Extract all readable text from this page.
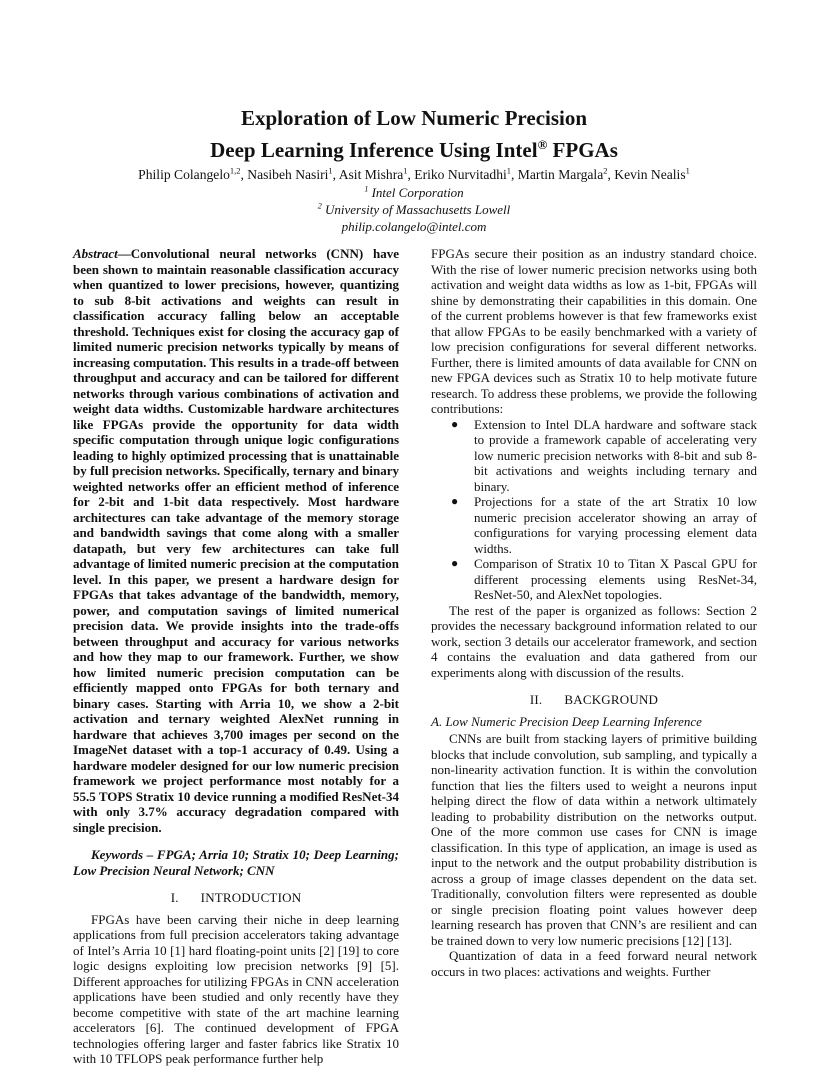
Exploration of Low Numeric Precision
Deep Learning Inference Using Intel® FPGAs
Philip Colangelo$^{1,2}$, Nasibeh Nasiri$^1$, Asit Mishra$^1$, Eriko Nurvitadhi$^1$, Martin Margala$^2$, Kevin Nealis$^1$
$^1$ Intel Corporation
$^2$ University of Massachusetts Lowell
philip.colangelo@intel.com

Abstract—Convolutional neural networks (CNN) have been shown to maintain reasonable classification accuracy when quantized to lower precisions, however, quantizing to sub 8-bit activations and weights can result in classification accuracy falling below an acceptable threshold. Techniques exist for closing the accuracy gap of limited numeric precision networks typically by means of increasing computation. This results in a trade-off between throughput and accuracy and can be tailored for different networks through various combinations of activation and weight data widths. Customizable hardware architectures like FPGAs provide the opportunity for data width specific computation through unique logic configurations leading to highly optimized processing that is unattainable by full precision networks. Specifically, ternary and binary weighted networks offer an efficient method of inference for 2-bit and 1-bit data respectively. Most hardware architectures can take advantage of the memory storage and bandwidth savings that come along with a smaller datapath, but very few architectures can take full advantage of limited numeric precision at the computation level. In this paper, we present a hardware design for FPGAs that takes advantage of the bandwidth, memory, power, and computation savings of limited numerical precision data. We provide insights into the trade-offs between throughput and accuracy for various networks and how they map to our framework. Further, we show how limited numeric precision computation can be efficiently mapped onto FPGAs for both ternary and binary cases. Starting with Arria 10, we show a 2-bit activation and ternary weighted AlexNet running in hardware that achieves 3,700 images per second on the ImageNet dataset with a top-1 accuracy of 0.49. Using a hardware modeler designed for our low numeric precision framework we project performance most notably for a 55.5 TOPS Stratix 10 device running a modified ResNet-34 with only 3.7% accuracy degradation compared with single precision.

Keywords – FPGA; Arria 10; Stratix 10; Deep Learning; Low Precision Neural Network; CNN

I. INTRODUCTION

FPGAs have been carving their niche in deep learning applications from full precision accelerators taking advantage of Intel’s Arria 10 [1] hard floating-point units [2] [19] to core logic designs exploiting low precision networks [9] [5]. Different approaches for utilizing FPGAs in CNN acceleration applications have been studied and only recently have they become competitive with state of the art machine learning accelerators [6]. The continued development of FPGA technologies offering larger and faster fabrics like Stratix 10 with 10 TFLOPS peak performance further help

FPGAs secure their position as an industry standard choice. With the rise of lower numeric precision networks using both activation and weight data widths as low as 1-bit, FPGAs will shine by demonstrating their capabilities in this domain. One of the current problems however is that few frameworks exist that allow FPGAs to be easily benchmarked with a variety of low precision configurations for several different networks. Further, there is limited amounts of data available for CNN on new FPGA devices such as Stratix 10 to help motivate future research. To address these problems, we provide the following contributions:

● Extension to Intel DLA hardware and software stack to provide a framework capable of accelerating very low numeric precision networks with 8-bit and sub 8-bit activations and weights including ternary and binary.
● Projections for a state of the art Stratix 10 low numeric precision accelerator showing an array of configurations for varying processing element data widths.
● Comparison of Stratix 10 to Titan X Pascal GPU for different processing elements using ResNet-34, ResNet-50, and AlexNet topologies.

The rest of the paper is organized as follows: Section 2 provides the necessary background information related to our work, section 3 details our accelerator framework, and section 4 contains the evaluation and data gathered from our experiments along with discussion of the results.

II. BACKGROUND

A. Low Numeric Precision Deep Learning Inference

CNNs are built from stacking layers of primitive building blocks that include convolution, sub sampling, and typically a non-linearity activation function. It is within the convolution function that lies the filters used to weight a neurons input helping direct the flow of data within a network ultimately leading to probability distribution on the networks output. One of the more common use cases for CNN is image classification. In this type of application, an image is used as input to the network and the output probability distribution is across a group of image classes dependent on the data set. Traditionally, convolution filters were represented as double or single precision floating point values however deep learning research has proven that CNN’s are resilient and can be trained down to very low numeric precisions [12] [13].

Quantization of data in a feed forward neural network occurs in two places: activations and weights. Further
